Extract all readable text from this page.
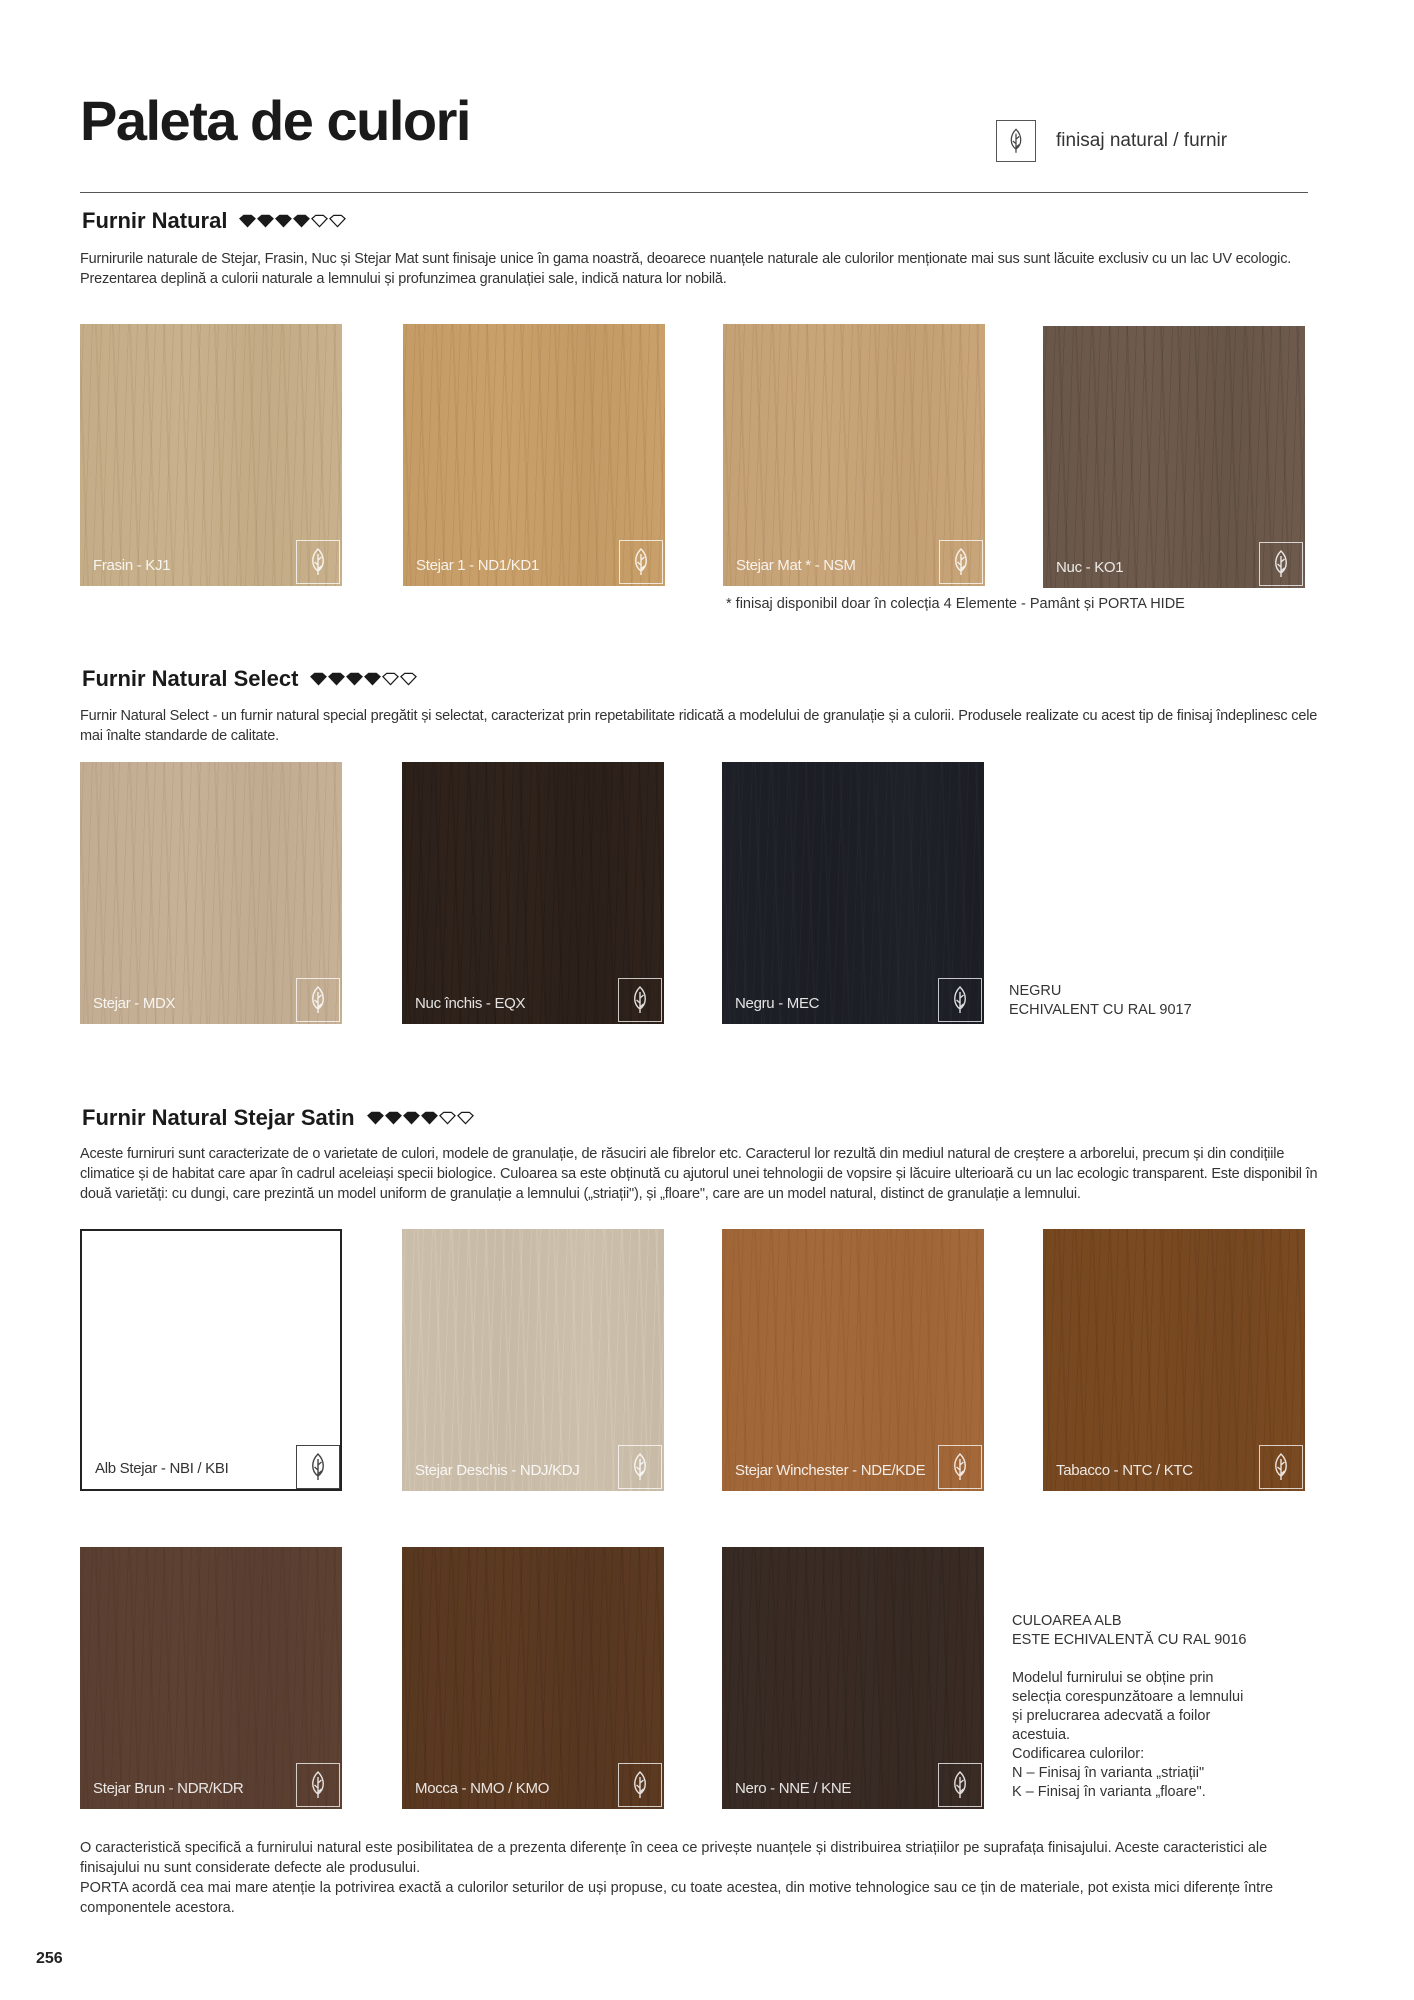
Paleta de culori	finisaj natural / furnir
Furnir Natural
Furnirurile naturale de Stejar, Frasin, Nuc și Stejar Mat sunt finisaje unice în gama noastră, deoarece nuanțele naturale ale culorilor menționate mai sus sunt lăcuite exclusiv cu un lac UV ecologic. Prezentarea deplină a culorii naturale a lemnului și profunzimea granulației sale, indică natura lor nobilă.
Frasin - KJ1	Stejar 1 - ND1/KD1	Stejar Mat * - NSM	Nuc - KO1
* finisaj disponibil doar în colecția 4 Elemente - Pamânt și PORTA HIDE
Furnir Natural Select
Furnir Natural Select - un furnir natural special pregătit și selectat, caracterizat prin repetabilitate ridicată a modelului de granulație și a culorii. Produsele realizate cu acest tip de finisaj îndeplinesc cele mai înalte standarde de calitate.
Stejar - MDX	Nuc închis - EQX	Negru - MEC
NEGRU
ECHIVALENT CU RAL 9017
Furnir Natural Stejar Satin
Aceste furniruri sunt caracterizate de o varietate de culori, modele de granulație, de răsuciri ale fibrelor etc. Caracterul lor rezultă din mediul natural de creștere a arborelui, precum și din condițiile climatice și de habitat care apar în cadrul aceleiași specii biologice. Culoarea sa este obținută cu ajutorul unei tehnologii de vopsire și lăcuire ulterioară cu un lac ecologic transparent. Este disponibil în două varietăți: cu dungi, care prezintă un model uniform de granulație a lemnului („striații"), și „floare", care are un model natural, distinct de granulație a lemnului.
Alb Stejar - NBI / KBI	Stejar Deschis - NDJ/KDJ	Stejar Winchester - NDE/KDE	Tabacco - NTC / KTC
Stejar Brun - NDR/KDR	Mocca - NMO / KMO	Nero - NNE / KNE
CULOAREA ALB
ESTE ECHIVALENTĂ CU RAL 9016
Modelul furnirului se obține prin
selecția corespunzătoare a lemnului
și prelucrarea adecvată a foilor
acestuia.
Codificarea culorilor:
N – Finisaj în varianta „striații"
K – Finisaj în varianta „floare".
O caracteristică specifică a furnirului natural este posibilitatea de a prezenta diferențe în ceea ce privește nuanțele și distribuirea striațiilor pe suprafața finisajului. Aceste caracteristici ale finisajului nu sunt considerate defecte ale produsului.
PORTA acordă cea mai mare atenție la potrivirea exactă a culorilor seturilor de uși propuse, cu toate acestea, din motive tehnologice sau ce țin de materiale, pot exista mici diferențe între componentele acestora.
256
